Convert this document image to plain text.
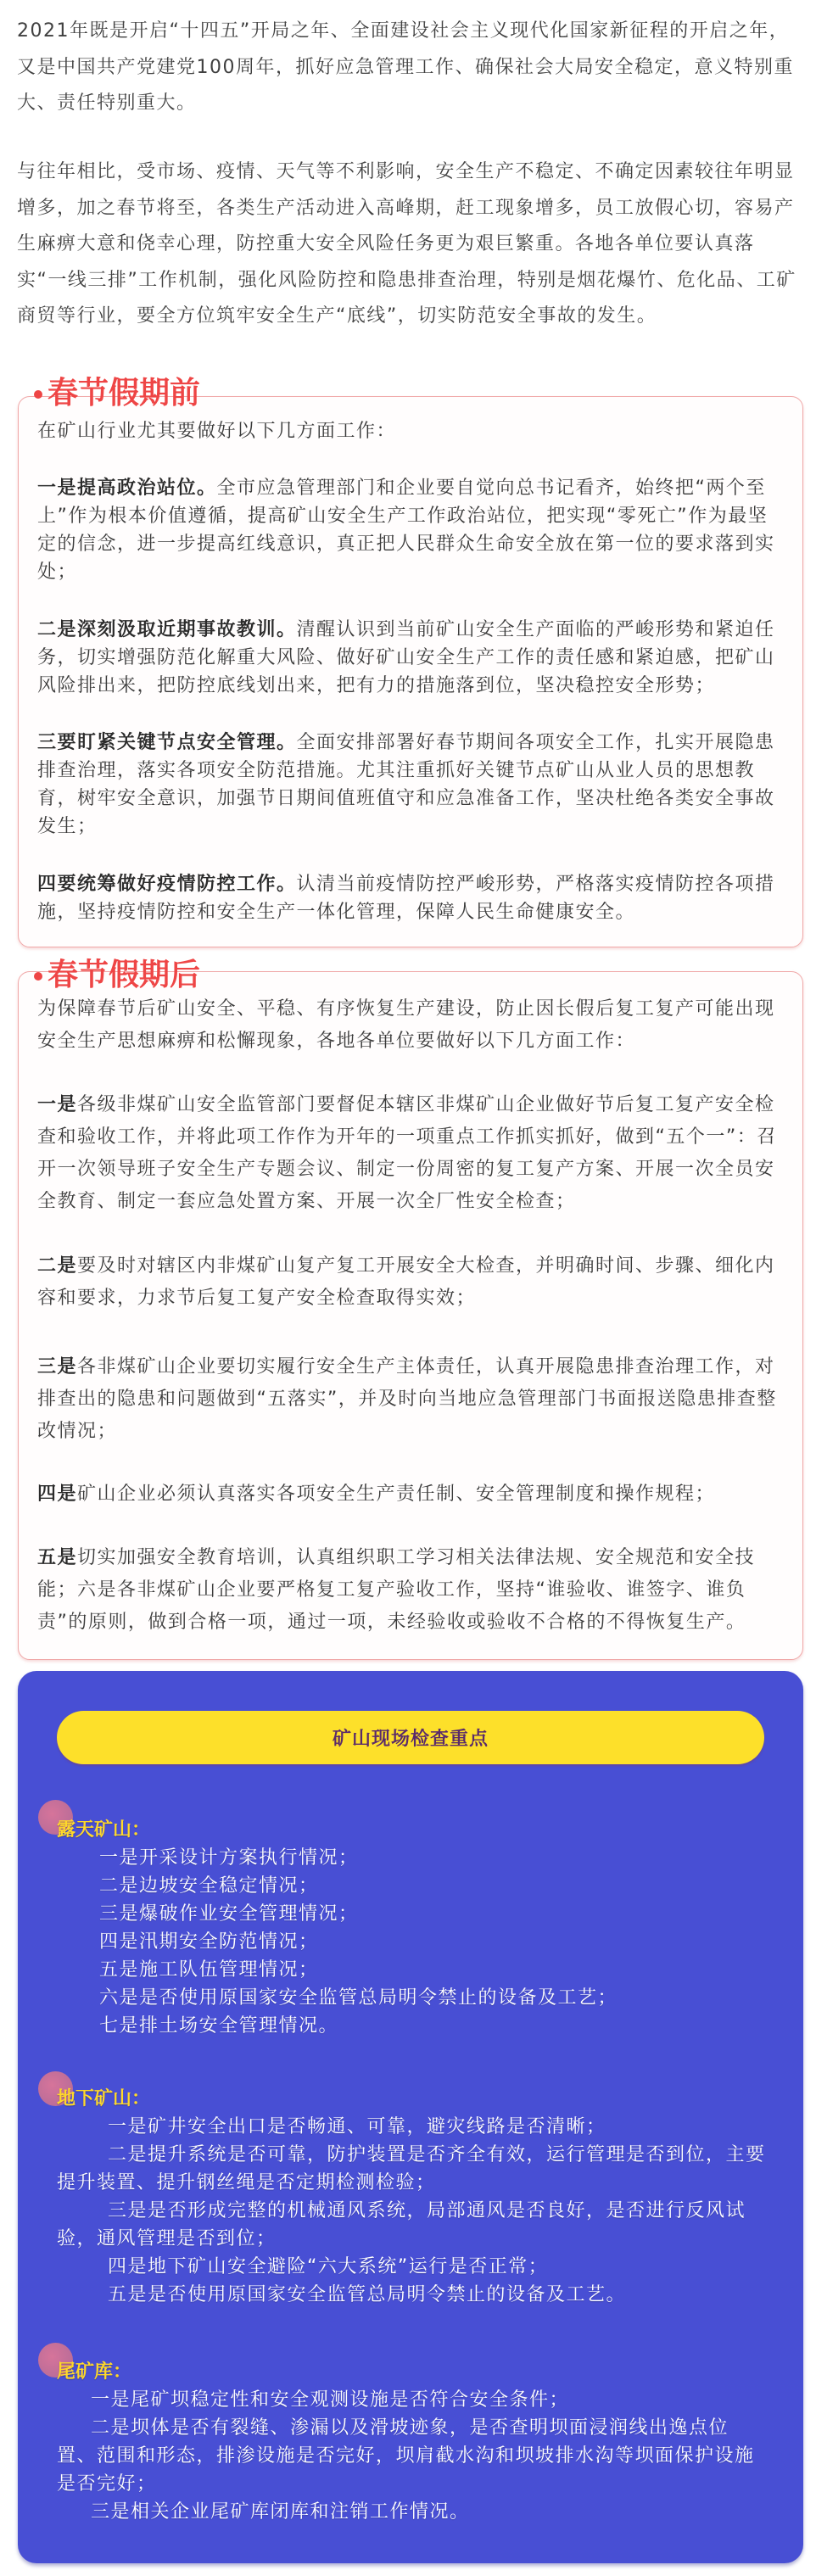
2021年既是开启“十四五”开局之年、全面建设社会主义现代化国家新征程的开启之年，又是中国共产党建党100周年，抓好应急管理工作、确保社会大局安全稳定，意义特别重大、责任特别重大。

与往年相比，受市场、疫情、天气等不利影响，安全生产不稳定、不确定因素较往年明显增多，加之春节将至，各类生产活动进入高峰期，赶工现象增多，员工放假心切，容易产生麻痹大意和侥幸心理，防控重大安全风险任务更为艰巨繁重。各地各单位要认真落实“一线三排”工作机制，强化风险防控和隐患排查治理，特别是烟花爆竹、危化品、工矿商贸等行业，要全方位筑牢安全生产“底线”，切实防范安全事故的发生。

春节假期前

在矿山行业尤其要做好以下几方面工作：

一是提高政治站位。全市应急管理部门和企业要自觉向总书记看齐，始终把“两个至上”作为根本价值遵循，提高矿山安全生产工作政治站位，把实现“零死亡”作为最坚定的信念，进一步提高红线意识，真正把人民群众生命安全放在第一位的要求落到实处；

二是深刻汲取近期事故教训。清醒认识到当前矿山安全生产面临的严峻形势和紧迫任务，切实增强防范化解重大风险、做好矿山安全生产工作的责任感和紧迫感，把矿山风险排出来，把防控底线划出来，把有力的措施落到位，坚决稳控安全形势；

三要盯紧关键节点安全管理。全面安排部署好春节期间各项安全工作，扎实开展隐患排查治理，落实各项安全防范措施。尤其注重抓好关键节点矿山从业人员的思想教育，树牢安全意识，加强节日期间值班值守和应急准备工作，坚决杜绝各类安全事故发生；

四要统筹做好疫情防控工作。认清当前疫情防控严峻形势，严格落实疫情防控各项措施，坚持疫情防控和安全生产一体化管理，保障人民生命健康安全。

春节假期后

为保障春节后矿山安全、平稳、有序恢复生产建设，防止因长假后复工复产可能出现安全生产思想麻痹和松懈现象，各地各单位要做好以下几方面工作：

一是各级非煤矿山安全监管部门要督促本辖区非煤矿山企业做好节后复工复产安全检查和验收工作，并将此项工作作为开年的一项重点工作抓实抓好，做到“五个一”：召开一次领导班子安全生产专题会议、制定一份周密的复工复产方案、开展一次全员安全教育、制定一套应急处置方案、开展一次全厂性安全检查；

二是要及时对辖区内非煤矿山复产复工开展安全大检查，并明确时间、步骤、细化内容和要求，力求节后复工复产安全检查取得实效；

三是各非煤矿山企业要切实履行安全生产主体责任，认真开展隐患排查治理工作，对排查出的隐患和问题做到“五落实”，并及时向当地应急管理部门书面报送隐患排查整改情况；

四是矿山企业必须认真落实各项安全生产责任制、安全管理制度和操作规程；

五是切实加强安全教育培训，认真组织职工学习相关法律法规、安全规范和安全技能；六是各非煤矿山企业要严格复工复产验收工作，坚持“谁验收、谁签字、谁负责”的原则，做到合格一项，通过一项，未经验收或验收不合格的不得恢复生产。

矿山现场检查重点
露天矿山：
一是开采设计方案执行情况；
二是边坡安全稳定情况；
三是爆破作业安全管理情况；
四是汛期安全防范情况；
五是施工队伍管理情况；
六是是否使用原国家安全监管总局明令禁止的设备及工艺；
七是排土场安全管理情况。
地下矿山：
一是矿井安全出口是否畅通、可靠，避灾线路是否清晰；
二是提升系统是否可靠，防护装置是否齐全有效，运行管理是否到位，主要提升装置、提升钢丝绳是否定期检测检验；
三是是否形成完整的机械通风系统，局部通风是否良好，是否进行反风试验，通风管理是否到位；
四是地下矿山安全避险“六大系统”运行是否正常；
五是是否使用原国家安全监管总局明令禁止的设备及工艺。
尾矿库：
一是尾矿坝稳定性和安全观测设施是否符合安全条件；
二是坝体是否有裂缝、渗漏以及滑坡迹象，是否查明坝面浸润线出逸点位置、范围和形态，排渗设施是否完好，坝肩截水沟和坝坡排水沟等坝面保护设施是否完好；
三是相关企业尾矿库闭库和注销工作情况。
